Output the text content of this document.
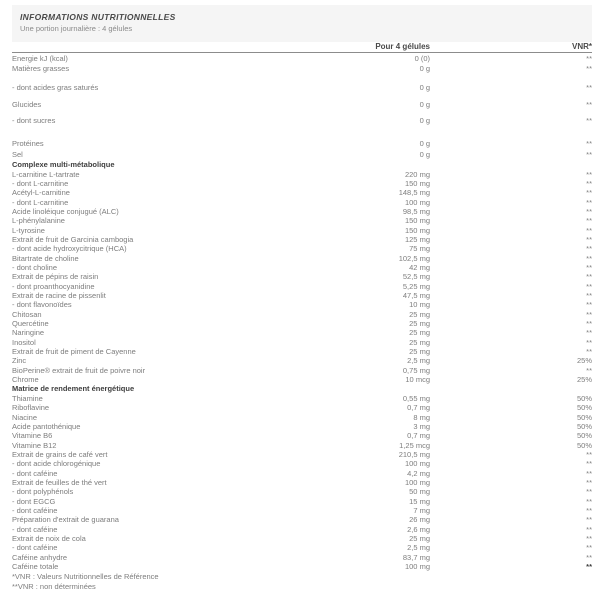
INFORMATIONS NUTRITIONNELLES
Une portion journalière : 4 gélules
Pour 4 gélules	VNR*
Energie kJ (kcal)	0 (0)	**
Matières grasses	0 g	**
- dont acides gras saturés	0 g	**
Glucides	0 g	**
- dont sucres	0 g	**
Protéines	0 g	**
Sel	0 g	**
Complexe multi-métabolique
L-carnitine L-tartrate	220 mg	**
- dont L-carnitine	150 mg	**
Acétyl-L-carnitine	148,5 mg	**
- dont L-carnitine	100 mg	**
Acide linoléique conjugué (ALC)	98,5 mg	**
L-phénylalanine	150 mg	**
L-tyrosine	150 mg	**
Extrait de fruit de Garcinia cambogia	125 mg	**
- dont acide hydroxycitrique (HCA)	75 mg	**
Bitartrate de choline	102,5 mg	**
- dont choline	42 mg	**
Extrait de pépins de raisin	52,5 mg	**
- dont proanthocyanidine	5,25 mg	**
Extrait de racine de pissenlit	47,5 mg	**
- dont flavonoïdes	10 mg	**
Chitosan	25 mg	**
Quercétine	25 mg	**
Naringine	25 mg	**
Inositol	25 mg	**
Extrait de fruit de piment de Cayenne	25 mg	**
Zinc	2,5 mg	25%
BioPerine® extrait de fruit de poivre noir	0,75 mg	**
Chrome	10 mcg	25%
Matrice de rendement énergétique
Thiamine	0,55 mg	50%
Riboflavine	0,7 mg	50%
Niacine	8 mg	50%
Acide pantothénique	3 mg	50%
Vitamine B6	0,7 mg	50%
Vitamine B12	1,25 mcg	50%
Extrait de grains de café vert	210,5 mg	**
- dont acide chlorogénique	100 mg	**
- dont caféine	4,2 mg	**
Extrait de feuilles de thé vert	100 mg	**
- dont polyphénols	50 mg	**
- dont EGCG	15 mg	**
- dont caféine	7 mg	**
Préparation d'extrait de guarana	26 mg	**
- dont caféine	2,6 mg	**
Extrait de noix de cola	25 mg	**
- dont caféine	2,5 mg	**
Caféine anhydre	83,7 mg	**
Caféine totale	100 mg	**
*VNR : Valeurs Nutritionnelles de Référence
**VNR : non déterminées
